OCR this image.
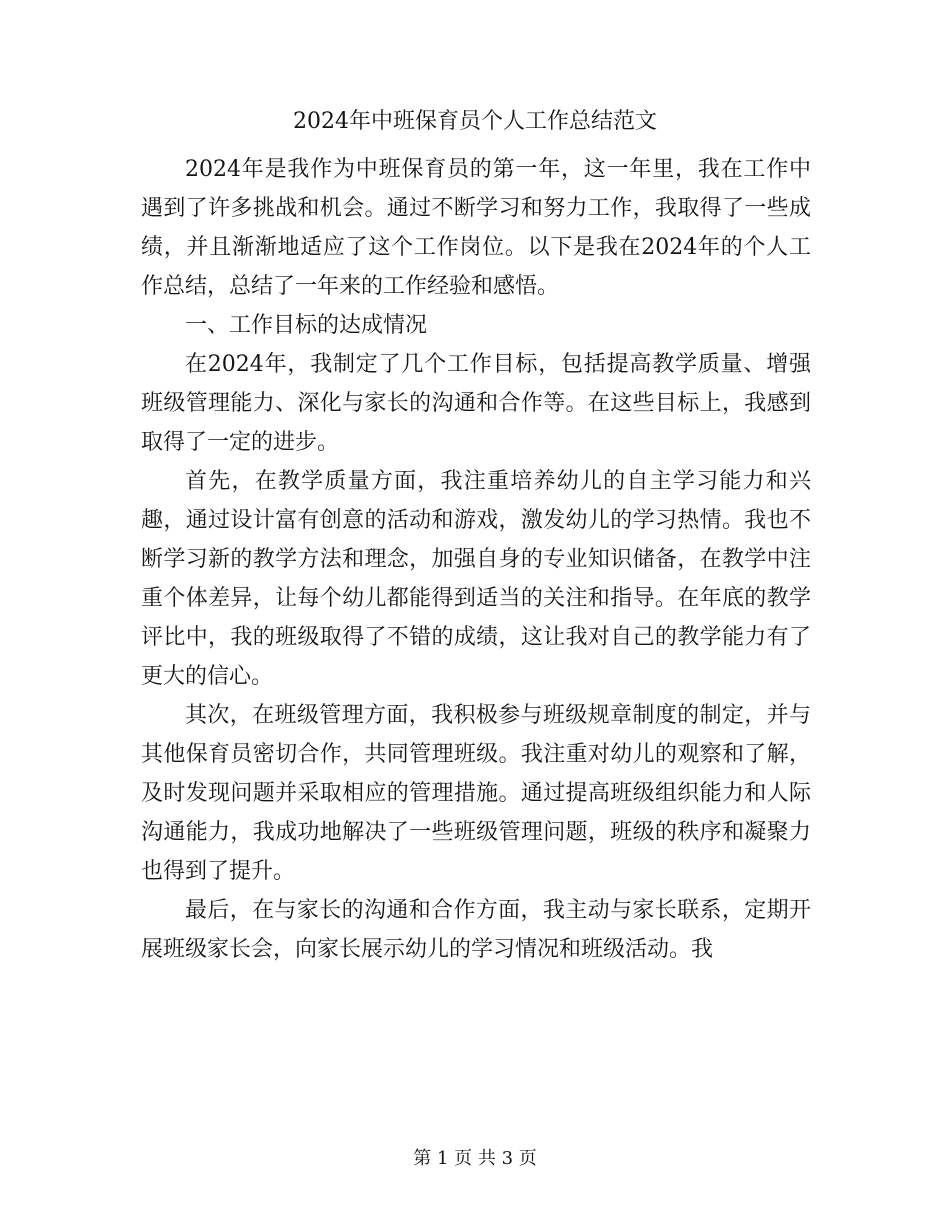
2024年中班保育员个人工作总结范文

2024年是我作为中班保育员的第一年，这一年里，我在工作中遇到了许多挑战和机会。通过不断学习和努力工作，我取得了一些成绩，并且渐渐地适应了这个工作岗位。以下是我在2024年的个人工作总结，总结了一年来的工作经验和感悟。

一、工作目标的达成情况

在2024年，我制定了几个工作目标，包括提高教学质量、增强班级管理能力、深化与家长的沟通和合作等。在这些目标上，我感到取得了一定的进步。

首先，在教学质量方面，我注重培养幼儿的自主学习能力和兴趣，通过设计富有创意的活动和游戏，激发幼儿的学习热情。我也不断学习新的教学方法和理念，加强自身的专业知识储备，在教学中注重个体差异，让每个幼儿都能得到适当的关注和指导。在年底的教学评比中，我的班级取得了不错的成绩，这让我对自己的教学能力有了更大的信心。

其次，在班级管理方面，我积极参与班级规章制度的制定，并与其他保育员密切合作，共同管理班级。我注重对幼儿的观察和了解，及时发现问题并采取相应的管理措施。通过提高班级组织能力和人际沟通能力，我成功地解决了一些班级管理问题，班级的秩序和凝聚力也得到了提升。

最后，在与家长的沟通和合作方面，我主动与家长联系，定期开展班级家长会，向家长展示幼儿的学习情况和班级活动。我

第 1 页 共 3 页
